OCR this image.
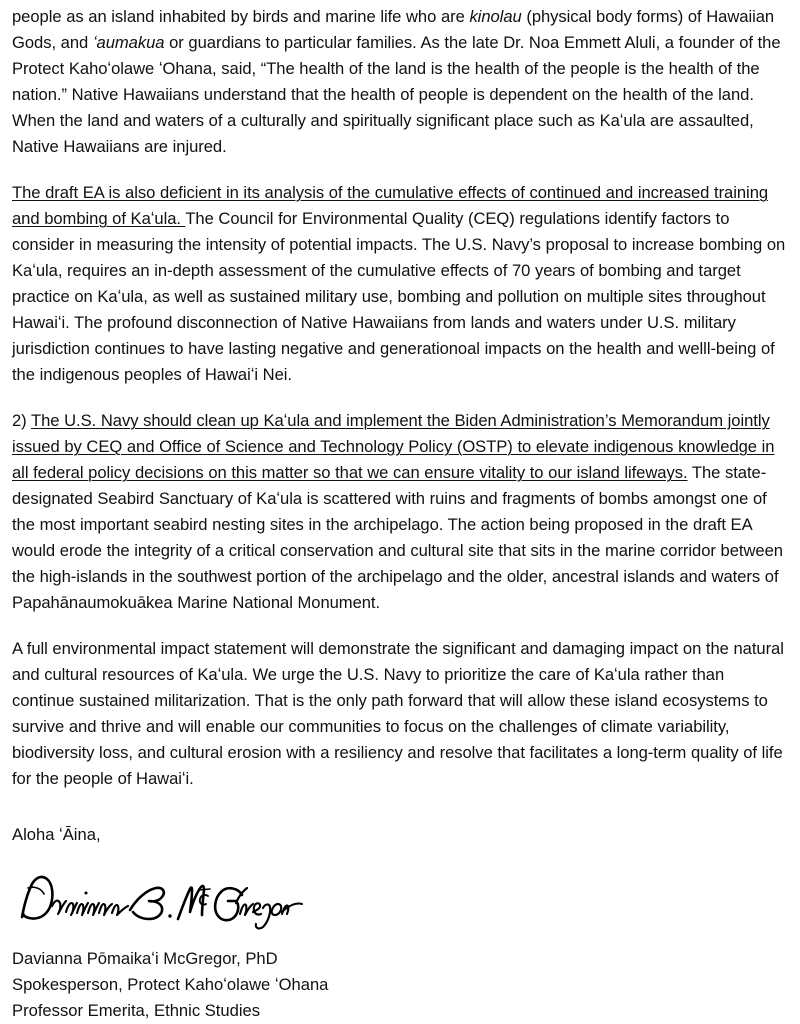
people as an island inhabited by birds and marine life who are kinolau (physical body forms) of Hawaiian Gods, and ʻaumakua or guardians to particular families. As the late Dr. Noa Emmett Aluli, a founder of the Protect Kahoʻolawe ʻOhana, said, “The health of the land is the health of the people is the health of the nation.” Native Hawaiians understand that the health of people is dependent on the health of the land. When the land and waters of a culturally and spiritually significant place such as Kaʻula are assaulted, Native Hawaiians are injured.

The draft EA is also deficient in its analysis of the cumulative effects of continued and increased training and bombing of Kaʻula. The Council for Environmental Quality (CEQ) regulations identify factors to consider in measuring the intensity of potential impacts. The U.S. Navy’s proposal to increase bombing on Kaʻula, requires an in-depth assessment of the cumulative effects of 70 years of bombing and target practice on Kaʻula, as well as sustained military use, bombing and pollution on multiple sites throughout Hawaiʻi. The profound disconnection of Native Hawaiians from lands and waters under U.S. military jurisdiction continues to have lasting negative and generationoal impacts on the health and welll-being of the indigenous peoples of Hawaiʻi Nei.

2) The U.S. Navy should clean up Kaʻula and implement the Biden Administration’s Memorandum jointly issued by CEQ and Office of Science and Technology Policy (OSTP) to elevate indigenous knowledge in all federal policy decisions on this matter so that we can ensure vitality to our island lifeways. The state-designated Seabird Sanctuary of Kaʻula is scattered with ruins and fragments of bombs amongst one of the most important seabird nesting sites in the archipelago. The action being proposed in the draft EA would erode the integrity of a critical conservation and cultural site that sits in the marine corridor between the high-islands in the southwest portion of the archipelago and the older, ancestral islands and waters of Papahānaumokuākea Marine National Monument.

A full environmental impact statement will demonstrate the significant and damaging impact on the natural and cultural resources of Kaʻula. We urge the U.S. Navy to prioritize the care of Kaʻula rather than continue sustained militarization. That is the only path forward that will allow these island ecosystems to survive and thrive and will enable our communities to focus on the challenges of climate variability, biodiversity loss, and cultural erosion with a resiliency and resolve that facilitates a long-term quality of life for the people of Hawaiʻi.

Aloha ʻĀina,

Davianna Pōmaikaʻi McGregor, PhD
Spokesperson, Protect Kahoʻolawe ʻOhana
Professor Emerita, Ethnic Studies
